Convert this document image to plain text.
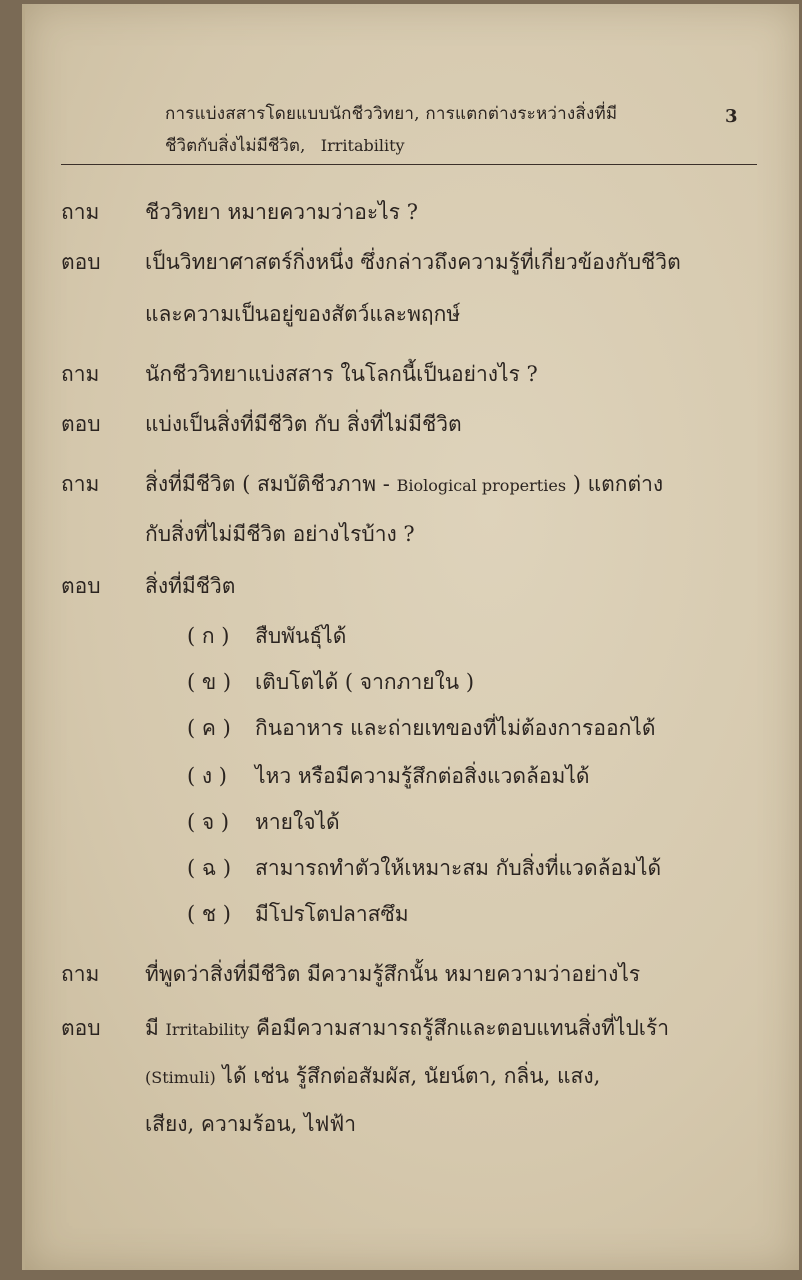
การแบ่งสสารโดยแบบนักชีววิทยา, การแตกต่างระหว่างสิ่งที่มี
ชีวิตกับสิ่งไม่มีชีวิต, Irritability
3
ถาม ชีววิทยา หมายความว่าอะไร ?
ตอบ เป็นวิทยาศาสตร์กิ่งหนึ่ง ซึ่งกล่าวถึงความรู้ที่เกี่ยวข้องกับชีวิต
และความเป็นอยู่ของสัตว์และพฤกษ์
ถาม นักชีววิทยาแบ่งสสาร ในโลกนี้เป็นอย่างไร ?
ตอบ แบ่งเป็นสิ่งที่มีชีวิต กับ สิ่งที่ไม่มีชีวิต
ถาม สิ่งที่มีชีวิต ( สมบัติชีวภาพ - Biological properties ) แตกต่าง
กับสิ่งที่ไม่มีชีวิต อย่างไรบ้าง ?
ตอบ สิ่งที่มีชีวิต
( ก ) สืบพันธุ์ได้
( ข ) เติบโตได้ ( จากภายใน )
( ค ) กินอาหาร และถ่ายเทของที่ไม่ต้องการออกได้
( ง ) ไหว หรือมีความรู้สึกต่อสิ่งแวดล้อมได้
( จ ) หายใจได้
( ฉ ) สามารถทำตัวให้เหมาะสม กับสิ่งที่แวดล้อมได้
( ช ) มีโปรโตปลาสซึม
ถาม ที่พูดว่าสิ่งที่มีชีวิต มีความรู้สึกนั้น หมายความว่าอย่างไร
ตอบ มี Irritability คือมีความสามารถรู้สึกและตอบแทนสิ่งที่ไปเร้า
(Stimuli) ได้ เช่น รู้สึกต่อสัมผัส, นัยน์ตา, กลิ่น, แสง,
เสียง, ความร้อน, ไฟฟ้า
